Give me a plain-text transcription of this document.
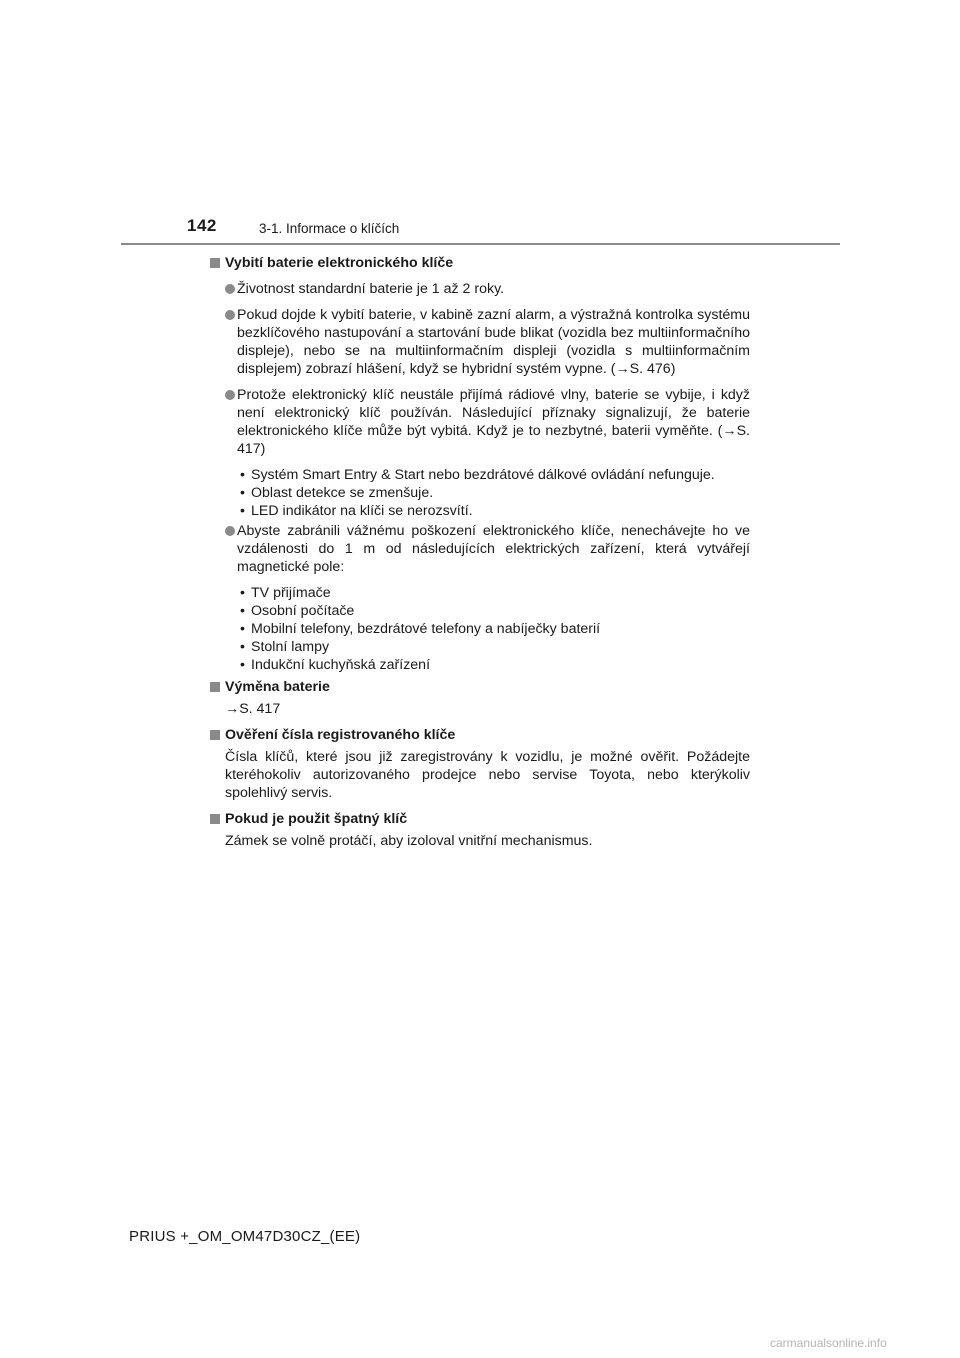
142	3-1. Informace o klíčích
Vybití baterie elektronického klíče
Životnost standardní baterie je 1 až 2 roky.
Pokud dojde k vybití baterie, v kabině zazní alarm, a výstražná kontrolka systému bezklíčového nastupování a startování bude blikat (vozidla bez multiinformačního displeje), nebo se na multiinformačním displeji (vozidla s multiinformačním displejem) zobrazí hlášení, když se hybridní systém vypne. (→S. 476)
Protože elektronický klíč neustále přijímá rádiové vlny, baterie se vybije, i když není elektronický klíč používán. Následující příznaky signalizují, že baterie elektronického klíče může být vybitá. Když je to nezbytné, baterii vyměňte. (→S. 417)
• Systém Smart Entry & Start nebo bezdrátové dálkové ovládání nefunguje.
• Oblast detekce se zmenšuje.
• LED indikátor na klíči se nerozsvítí.
Abyste zabránili vážnému poškození elektronického klíče, nenechávejte ho ve vzdálenosti do 1 m od následujících elektrických zařízení, která vytvářejí magnetické pole:
• TV přijímače
• Osobní počítače
• Mobilní telefony, bezdrátové telefony a nabíječky baterií
• Stolní lampy
• Indukční kuchyňská zařízení
Výměna baterie
→S. 417
Ověření čísla registrovaného klíče
Čísla klíčů, které jsou již zaregistrovány k vozidlu, je možné ověřit. Požádejte kteréhokoliv autorizovaného prodejce nebo servise Toyota, nebo kterýkoliv spolehlivý servis.
Pokud je použit špatný klíč
Zámek se volně protáčí, aby izoloval vnitřní mechanismus.
PRIUS +_OM_OM47D30CZ_(EE)
carmanualsonline.info
